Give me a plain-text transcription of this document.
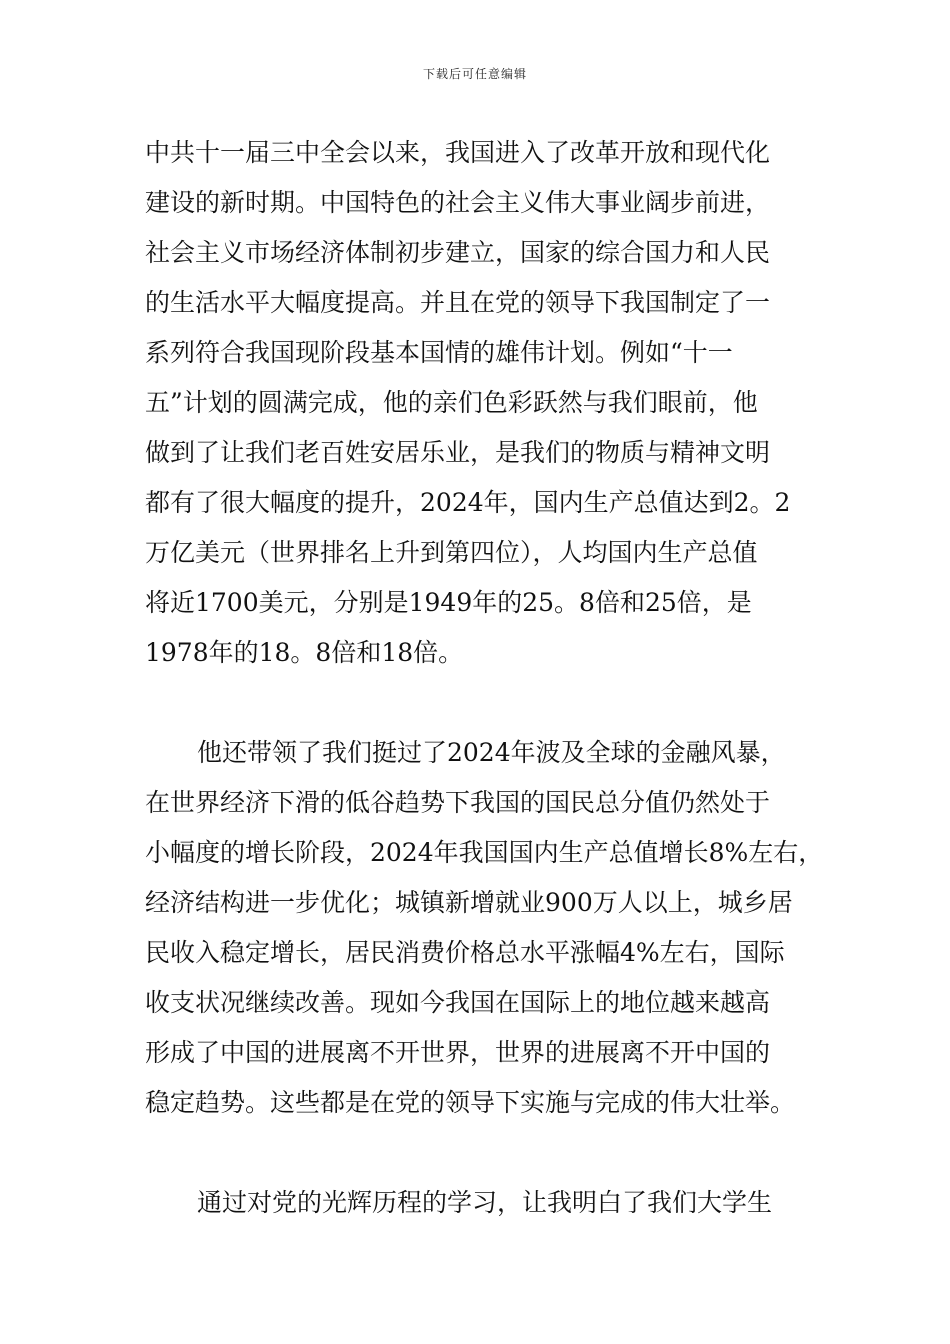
下载后可任意编辑
中共十一届三中全会以来，我国进入了改革开放和现代化
建设的新时期。中国特色的社会主义伟大事业阔步前进，
社会主义市场经济体制初步建立，国家的综合国力和人民
的生活水平大幅度提高。并且在党的领导下我国制定了一
系列符合我国现阶段基本国情的雄伟计划。例如“十一
五”计划的圆满完成，他的亲们色彩跃然与我们眼前，他
做到了让我们老百姓安居乐业，是我们的物质与精神文明
都有了很大幅度的提升，2024年，国内生产总值达到2。2
万亿美元（世界排名上升到第四位），人均国内生产总值
将近1700美元，分别是1949年的25。8倍和25倍，是
1978年的18。8倍和18倍。
他还带领了我们挺过了2024年波及全球的金融风暴，
在世界经济下滑的低谷趋势下我国的国民总分值仍然处于
小幅度的增长阶段，2024年我国国内生产总值增长8%左右，
经济结构进一步优化；城镇新增就业900万人以上，城乡居
民收入稳定增长，居民消费价格总水平涨幅4%左右，国际
收支状况继续改善。现如今我国在国际上的地位越来越高
形成了中国的进展离不开世界，世界的进展离不开中国的
稳定趋势。这些都是在党的领导下实施与完成的伟大壮举。
通过对党的光辉历程的学习，让我明白了我们大学生
